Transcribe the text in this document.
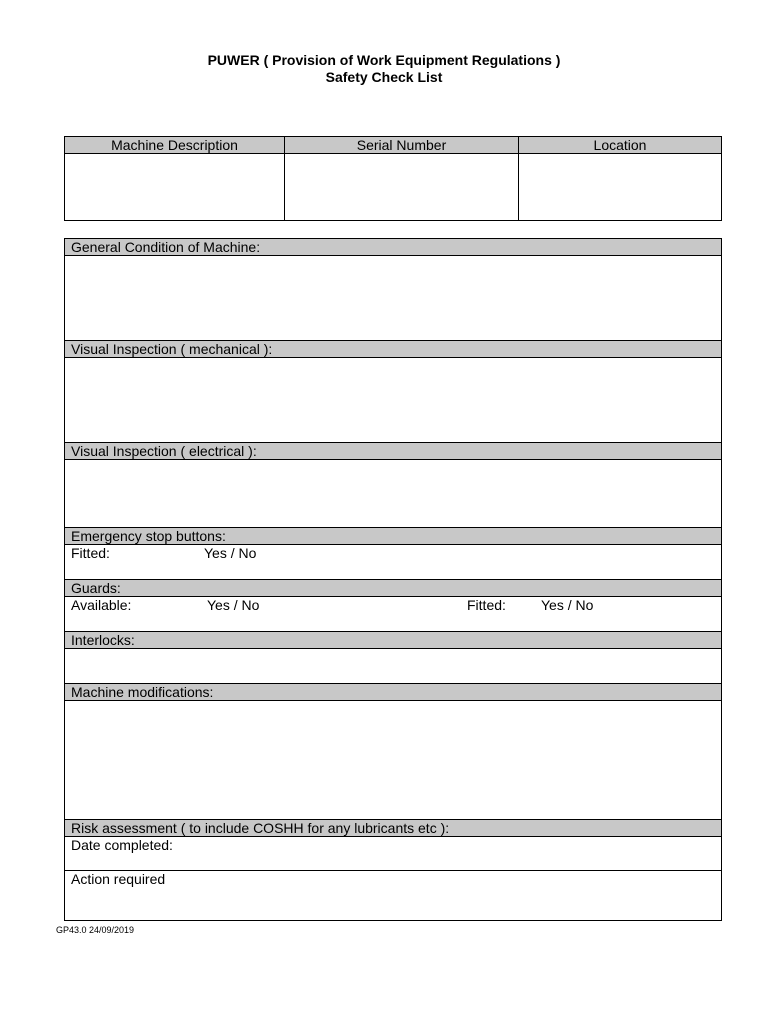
PUWER ( Provision of Work Equipment Regulations )
Safety Check List
Machine Description	Serial Number	Location
General Condition of Machine:
Visual Inspection ( mechanical ):
Visual Inspection ( electrical ):
Emergency stop buttons:
Fitted:	Yes / No
Guards:
Available:	Yes / No	Fitted:	Yes / No
Interlocks:
Machine modifications:
Risk assessment ( to include COSHH for any lubricants etc ):
Date completed:
Action required
GP43.0 24/09/2019
